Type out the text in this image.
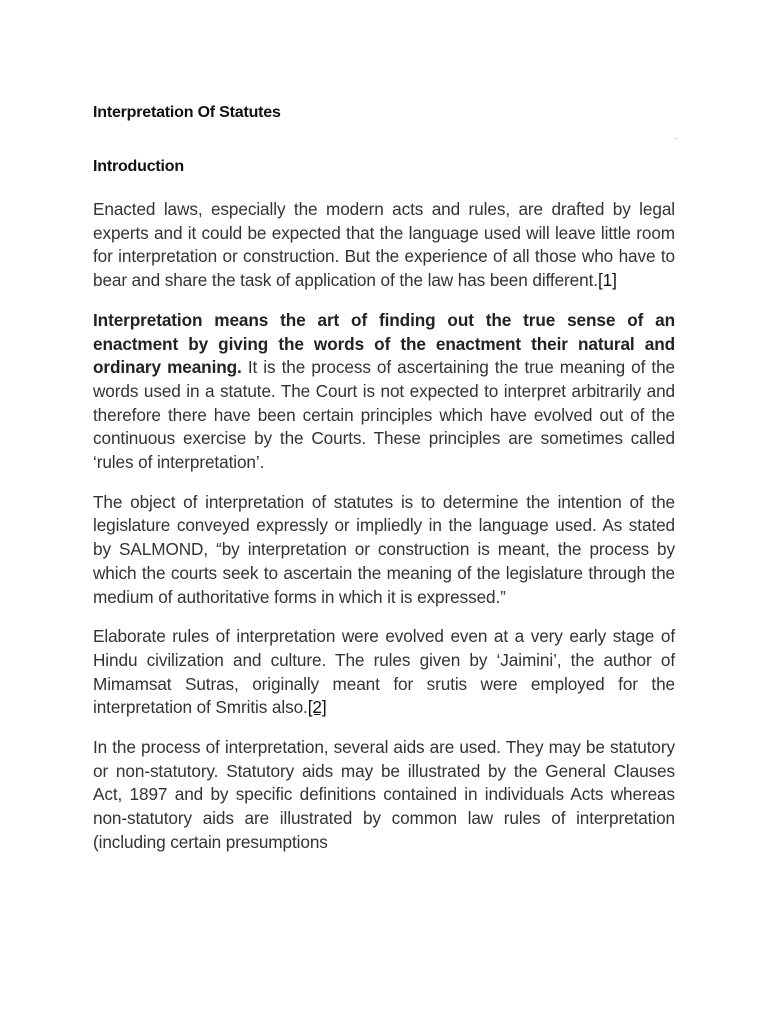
Interpretation Of Statutes
Introduction

Enacted laws, especially the modern acts and rules, are drafted by legal experts and it could be expected that the language used will leave little room for interpretation or construction. But the experience of all those who have to bear and share the task of application of the law has been different.[1]

Interpretation means the art of finding out the true sense of an enactment by giving the words of the enactment their natural and ordinary meaning. It is the process of ascertaining the true meaning of the words used in a statute. The Court is not expected to interpret arbitrarily and therefore there have been certain principles which have evolved out of the continuous exercise by the Courts. These principles are sometimes called ‘rules of interpretation’.

The object of interpretation of statutes is to determine the intention of the legislature conveyed expressly or impliedly in the language used. As stated by SALMOND, “by interpretation or construction is meant, the process by which the courts seek to ascertain the meaning of the legislature through the medium of authoritative forms in which it is expressed.”

Elaborate rules of interpretation were evolved even at a very early stage of Hindu civilization and culture. The rules given by ‘Jaimini’, the author of Mimamsat Sutras, originally meant for srutis were employed for the interpretation of Smritis also.[2]

In the process of interpretation, several aids are used. They may be statutory or non-statutory. Statutory aids may be illustrated by the General Clauses Act, 1897 and by specific definitions contained in individuals Acts whereas non-statutory aids are illustrated by common law rules of interpretation (including certain presumptions
